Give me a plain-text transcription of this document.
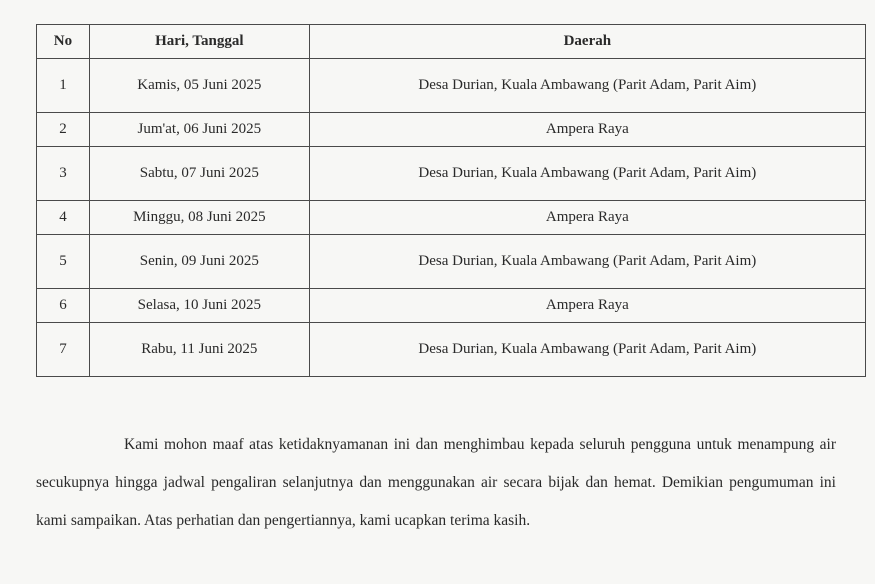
No	Hari, Tanggal	Daerah
1	Kamis, 05 Juni 2025	Desa Durian, Kuala Ambawang (Parit Adam, Parit Aim)
2	Jum'at, 06 Juni 2025	Ampera Raya
3	Sabtu, 07 Juni 2025	Desa Durian, Kuala Ambawang (Parit Adam, Parit Aim)
4	Minggu, 08 Juni 2025	Ampera Raya
5	Senin, 09 Juni 2025	Desa Durian, Kuala Ambawang (Parit Adam, Parit Aim)
6	Selasa, 10 Juni 2025	Ampera Raya
7	Rabu, 11 Juni 2025	Desa Durian, Kuala Ambawang (Parit Adam, Parit Aim)

Kami mohon maaf atas ketidaknyamanan ini dan menghimbau kepada seluruh pengguna untuk menampung air secukupnya hingga jadwal pengaliran selanjutnya dan menggunakan air secara bijak dan hemat. Demikian pengumuman ini kami sampaikan. Atas perhatian dan pengertiannya, kami ucapkan terima kasih.
